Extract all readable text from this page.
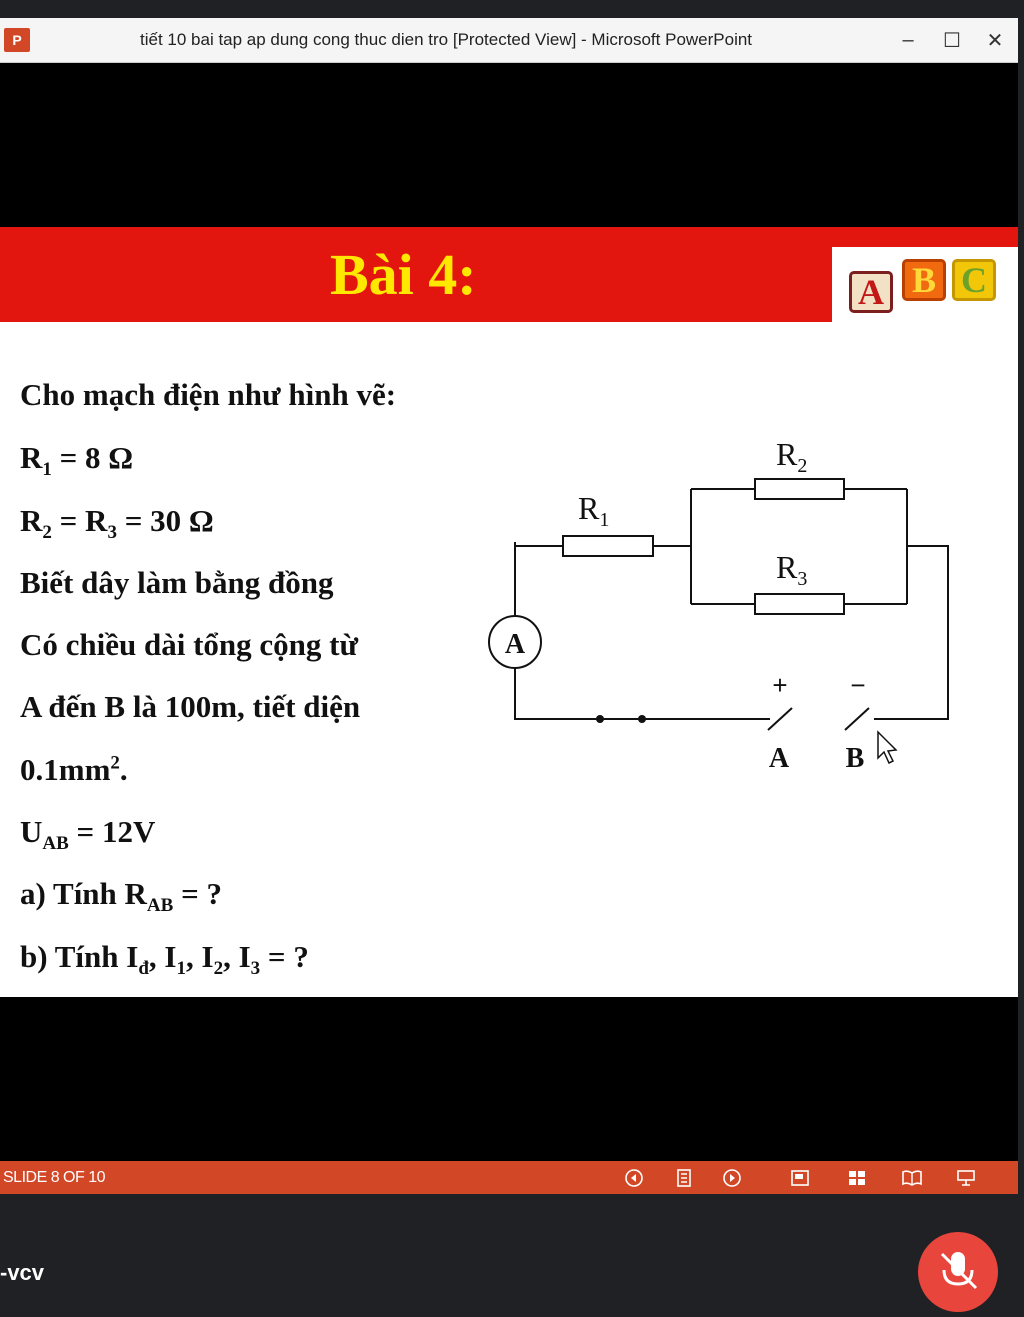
P	tiết 10 bai tap ap dung cong thuc dien tro [Protected View] - Microsoft PowerPoint	–	☐	✕
Bài 4:	A B C
Cho mạch điện như hình vẽ:
$R_1 = 8$ Ω
$R_2 = R_3 = 30$ Ω
Biết dây làm bằng đồng
Có chiều dài tổng cộng từ
A đến B là 100m, tiết diện
$0.1mm^2$.
$U_{AB} = 12V$
a) Tính $R_{AB}$ = ?
b) Tính $I_đ$, $I_1$, $I_2$, $I_3$ = ?
A
$R_1$
$R_2$
$R_3$
+ −
A B
SLIDE 8 OF 10
-vcv
